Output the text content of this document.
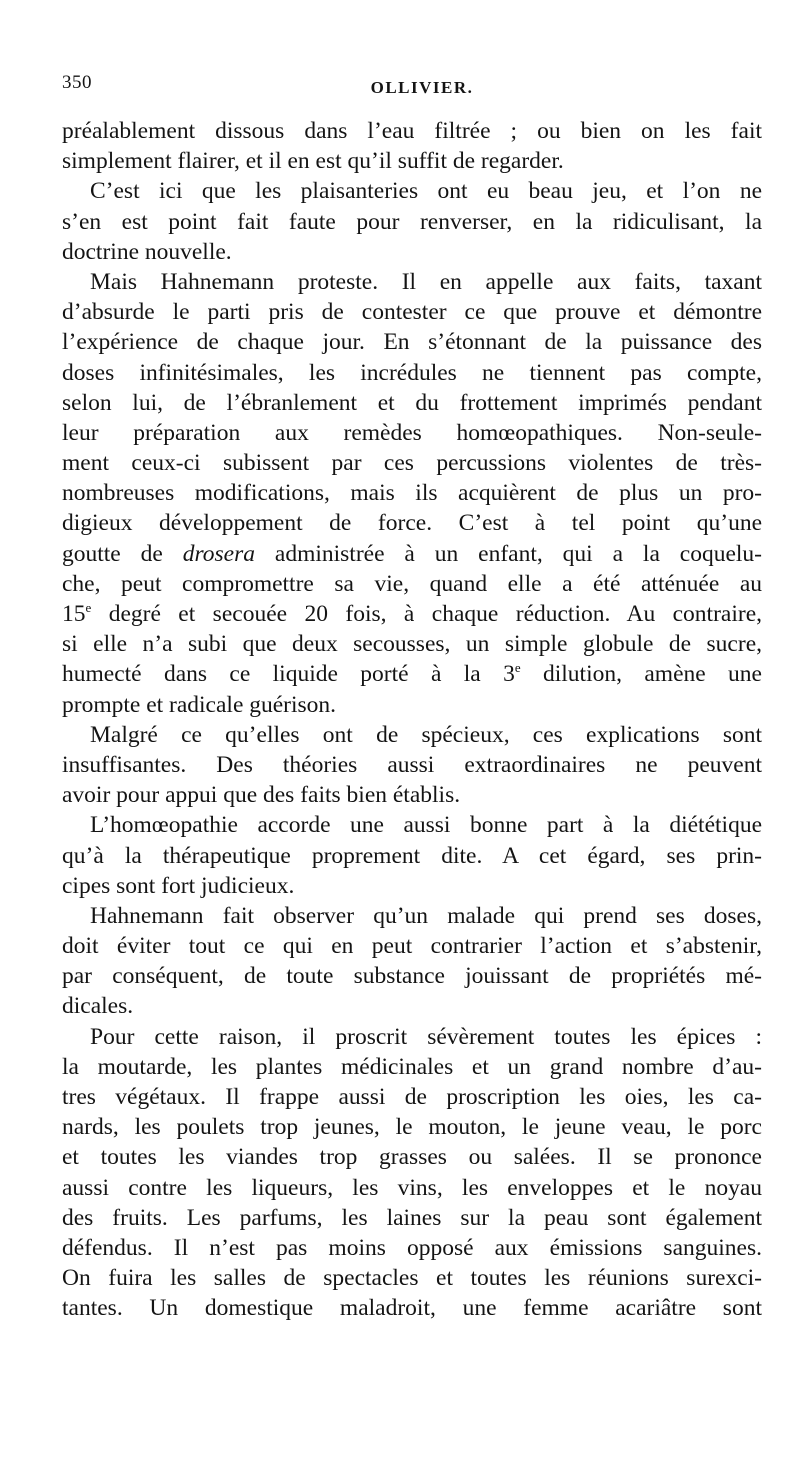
350	OLLIVIER.
préalablement dissous dans l’eau filtrée ; ou bien on les fait
simplement flairer, et il en est qu’il suffit de regarder.
C’est ici que les plaisanteries ont eu beau jeu, et l’on ne
s’en est point fait faute pour renverser, en la ridiculisant, la
doctrine nouvelle.
Mais Hahnemann proteste. Il en appelle aux faits, taxant
d’absurde le parti pris de contester ce que prouve et démontre
l’expérience de chaque jour. En s’étonnant de la puissance des
doses infinitésimales, les incrédules ne tiennent pas compte,
selon lui, de l’ébranlement et du frottement imprimés pendant
leur préparation aux remèdes homœopathiques. Non-seule-
ment ceux-ci subissent par ces percussions violentes de très-
nombreuses modifications, mais ils acquièrent de plus un pro-
digieux développement de force. C’est à tel point qu’une
goutte de drosera administrée à un enfant, qui a la coquelu-
che, peut compromettre sa vie, quand elle a été atténuée au
15e degré et secouée 20 fois, à chaque réduction. Au contraire,
si elle n’a subi que deux secousses, un simple globule de sucre,
humecté dans ce liquide porté à la 3e dilution, amène une
prompte et radicale guérison.
Malgré ce qu’elles ont de spécieux, ces explications sont
insuffisantes. Des théories aussi extraordinaires ne peuvent
avoir pour appui que des faits bien établis.
L’homœopathie accorde une aussi bonne part à la diététique
qu’à la thérapeutique proprement dite. A cet égard, ses prin-
cipes sont fort judicieux.
Hahnemann fait observer qu’un malade qui prend ses doses,
doit éviter tout ce qui en peut contrarier l’action et s’abstenir,
par conséquent, de toute substance jouissant de propriétés mé-
dicales.
Pour cette raison, il proscrit sévèrement toutes les épices :
la moutarde, les plantes médicinales et un grand nombre d’au-
tres végétaux. Il frappe aussi de proscription les oies, les ca-
nards, les poulets trop jeunes, le mouton, le jeune veau, le porc
et toutes les viandes trop grasses ou salées. Il se prononce
aussi contre les liqueurs, les vins, les enveloppes et le noyau
des fruits. Les parfums, les laines sur la peau sont également
défendus. Il n’est pas moins opposé aux émissions sanguines.
On fuira les salles de spectacles et toutes les réunions surexci-
tantes. Un domestique maladroit, une femme acariâtre sont
